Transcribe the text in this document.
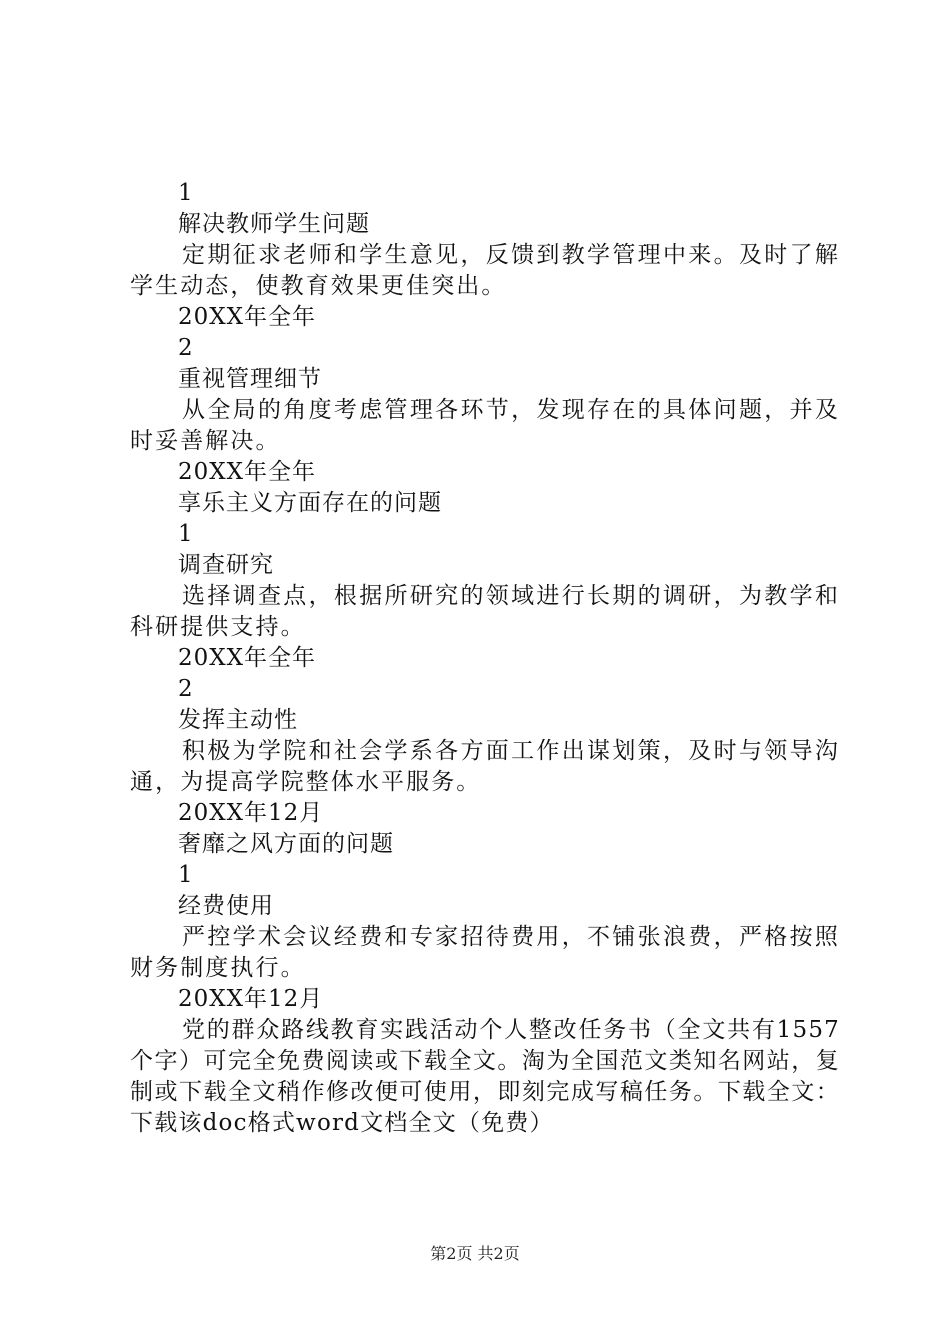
1
解决教师学生问题

定期征求老师和学生意见，反馈到教学管理中来。及时了解学生动态，使教育效果更佳突出。

20XX年全年
2
重视管理细节

从全局的角度考虑管理各环节，发现存在的具体问题，并及时妥善解决。

20XX年全年
享乐主义方面存在的问题
1
调查研究

选择调查点，根据所研究的领域进行长期的调研，为教学和科研提供支持。

20XX年全年
2
发挥主动性

积极为学院和社会学系各方面工作出谋划策，及时与领导沟通，为提高学院整体水平服务。

20XX年12月
奢靡之风方面的问题
1
经费使用

严控学术会议经费和专家招待费用，不铺张浪费，严格按照财务制度执行。

20XX年12月

党的群众路线教育实践活动个人整改任务书（全文共有1557个字）可完全免费阅读或下载全文。淘为全国范文类知名网站，复制或下载全文稍作修改便可使用，即刻完成写稿任务。下载全文：下载该doc格式word文档全文（免费）

第2页 共2页
